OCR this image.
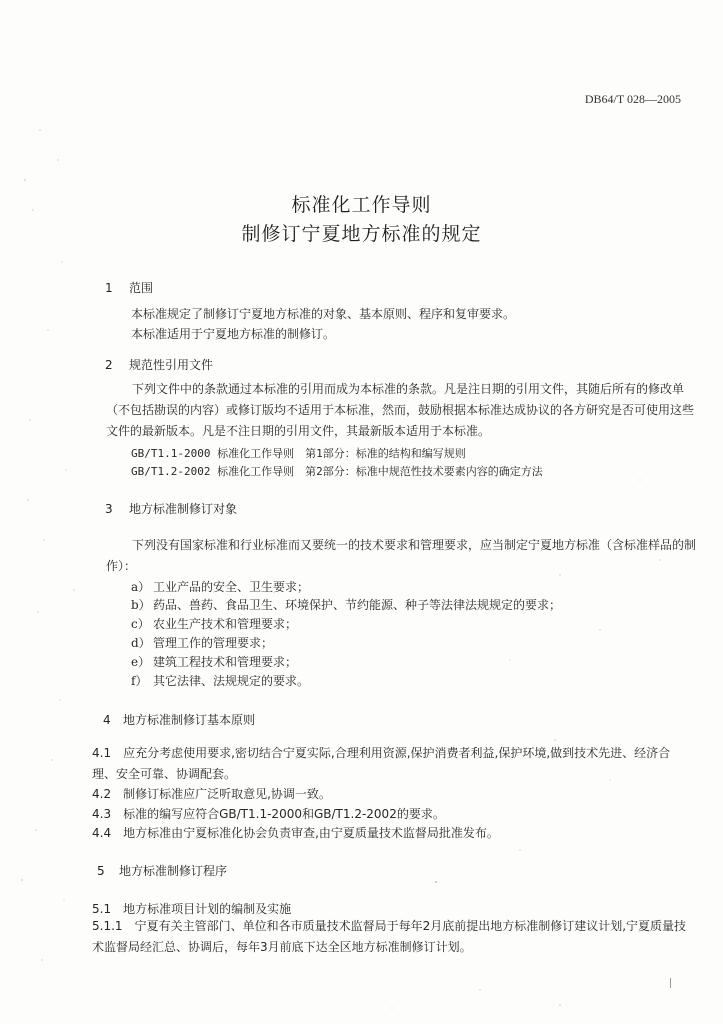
DB64/T 028—2005
标准化工作导则
制修订宁夏地方标准的规定
1 范围
本标准规定了制修订宁夏地方标准的对象、基本原则、程序和复审要求。
本标准适用于宁夏地方标准的制修订。
2 规范性引用文件
下列文件中的条款通过本标准的引用而成为本标准的条款。凡是注日期的引用文件，其随后所有的修改单（不包括勘误的内容）或修订版均不适用于本标准，然而，鼓励根据本标准达成协议的各方研究是否可使用这些文件的最新版本。凡是不注日期的引用文件，其最新版本适用于本标准。
GB/T1.1-2000 标准化工作导则　第1部分：标准的结构和编写规则
GB/T1.2-2002 标准化工作导则　第2部分：标准中规范性技术要素内容的确定方法
3 地方标准制修订对象
下列没有国家标准和行业标准而又要统一的技术要求和管理要求，应当制定宁夏地方标准（含标准样品的制作）：
a） 工业产品的安全、卫生要求；
b） 药品、兽药、食品卫生、环境保护、节约能源、种子等法律法规规定的要求；
c） 农业生产技术和管理要求；
d） 管理工作的管理要求；
e） 建筑工程技术和管理要求；
f） 其它法律、法规规定的要求。
4 地方标准制修订基本原则
4.1　 应充分考虑使用要求,密切结合宁夏实际,合理利用资源,保护消费者利益,保护环境,做到技术先进、经济合理、安全可靠、协调配套。
4.2　 制修订标准应广泛听取意见,协调一致。
4.3　 标准的编写应符合GB/T1.1-2000和GB/T1.2-2002的要求。
4.4　 地方标准由宁夏标准化协会负责审查,由宁夏质量技术监督局批准发布。
5 地方标准制修订程序
5.1　 地方标准项目计划的编制及实施
5.1.1　 宁夏有关主管部门、单位和各市质量技术监督局于每年2月底前提出地方标准制修订建议计划,宁夏质量技术监督局经汇总、协调后，每年3月前底下达全区地方标准制修订计划。
